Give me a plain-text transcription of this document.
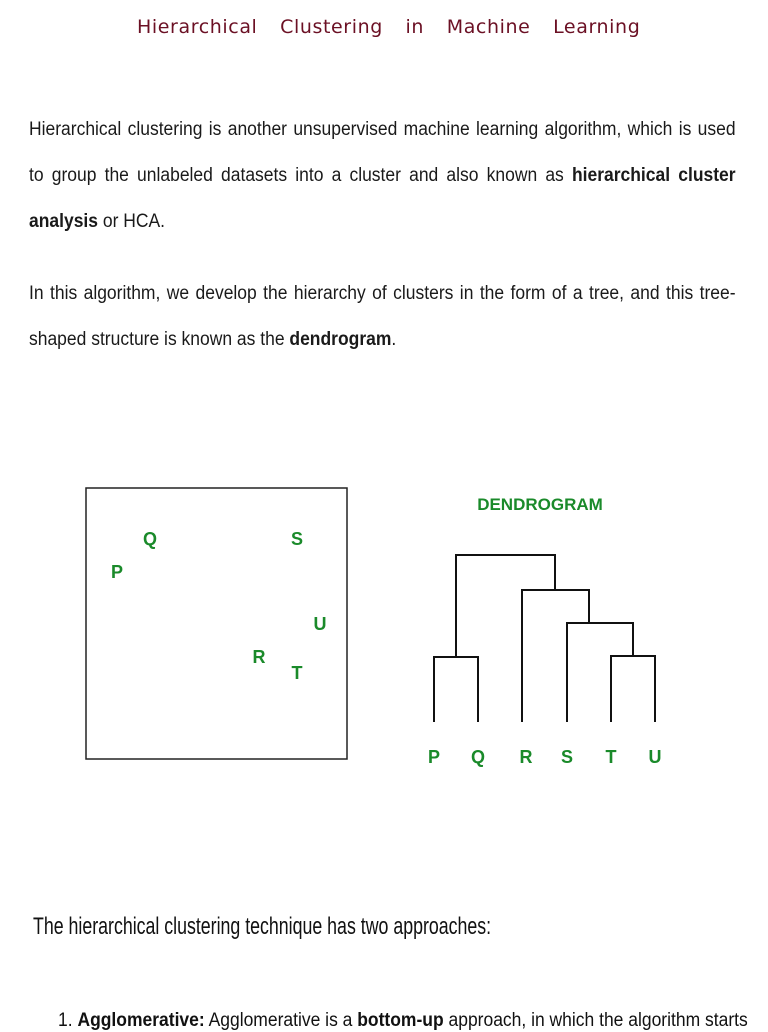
Hierarchical Clustering in Machine Learning
Hierarchical clustering is another unsupervised machine learning algorithm, which is used to group the unlabeled datasets into a cluster and also known as hierarchical cluster analysis or HCA.
In this algorithm, we develop the hierarchy of clusters in the form of a tree, and this tree-shaped structure is known as the dendrogram.
Q
P
S
U
R
T
DENDROGRAM
P Q R S T U
The hierarchical clustering technique has two approaches:
1. Agglomerative: Agglomerative is a bottom-up approach, in which the algorithm starts
